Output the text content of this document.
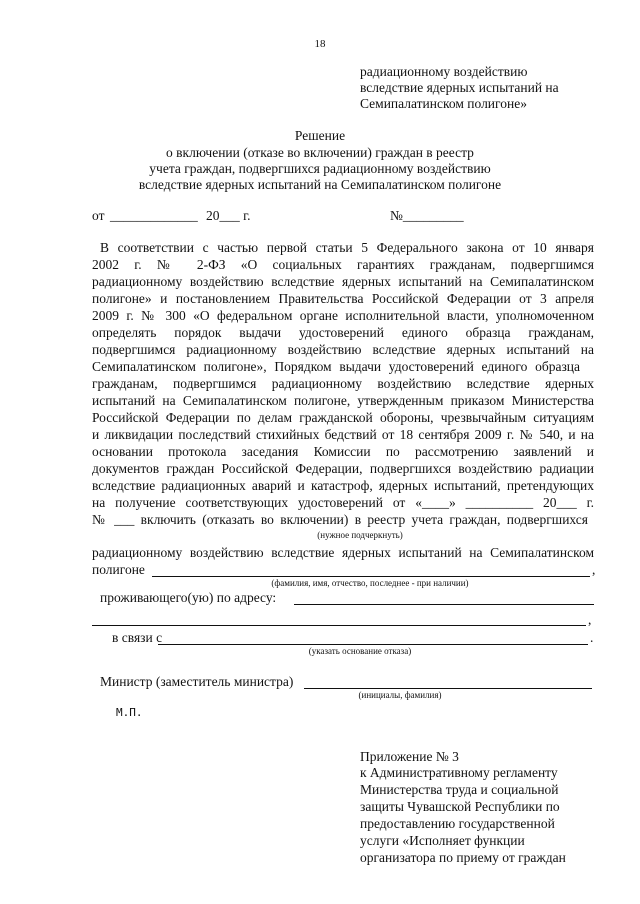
18
радиационному воздействию
вследствие ядерных испытаний на
Семипалатинском полигоне»
Решение
о включении (отказе во включении) граждан в реестр
учета граждан, подвергшихся радиационному воздействию
вследствие ядерных испытаний на Семипалатинском полигоне
от _____________ 20___ г.	№_________
В соответствии с частью первой статьи 5 Федерального закона от 10 января
2002 г. № 2-ФЗ «О социальных гарантиях гражданам, подвергшимся
радиационному воздействию вследствие ядерных испытаний на Семипалатинском
полигоне» и постановлением Правительства Российской Федерации от 3 апреля
2009 г. № 300 «О федеральном органе исполнительной власти, уполномоченном
определять порядок выдачи удостоверений единого образца гражданам,
подвергшимся радиационному воздействию вследствие ядерных испытаний на
Семипалатинском полигоне», Порядком выдачи удостоверений единого образца
гражданам, подвергшимся радиационному воздействию вследствие ядерных
испытаний на Семипалатинском полигоне, утвержденным приказом Министерства
Российской Федерации по делам гражданской обороны, чрезвычайным ситуациям
и ликвидации последствий стихийных бедствий от 18 сентября 2009 г. № 540, и на
основании протокола заседания Комиссии по рассмотрению заявлений и
документов граждан Российской Федерации, подвергшихся воздействию радиации
вследствие радиационных аварий и катастроф, ядерных испытаний, претендующих
на получение соответствующих удостоверений от «____» __________ 20___ г.
№ ___ включить (отказать во включении) в реестр учета граждан, подвергшихся
(нужное подчеркнуть)
радиационному воздействию вследствие ядерных испытаний на Семипалатинском
полигоне	,
(фамилия, имя, отчество, последнее - при наличии)
проживающего(ую) по адресу:
,
в связи с	.
(указать основание отказа)
Министр (заместитель министра)
(инициалы, фамилия)
М.П.
Приложение № 3
к Административному регламенту
Министерства труда и социальной
защиты Чувашской Республики по
предоставлению государственной
услуги «Исполняет функции
организатора по приему от граждан
